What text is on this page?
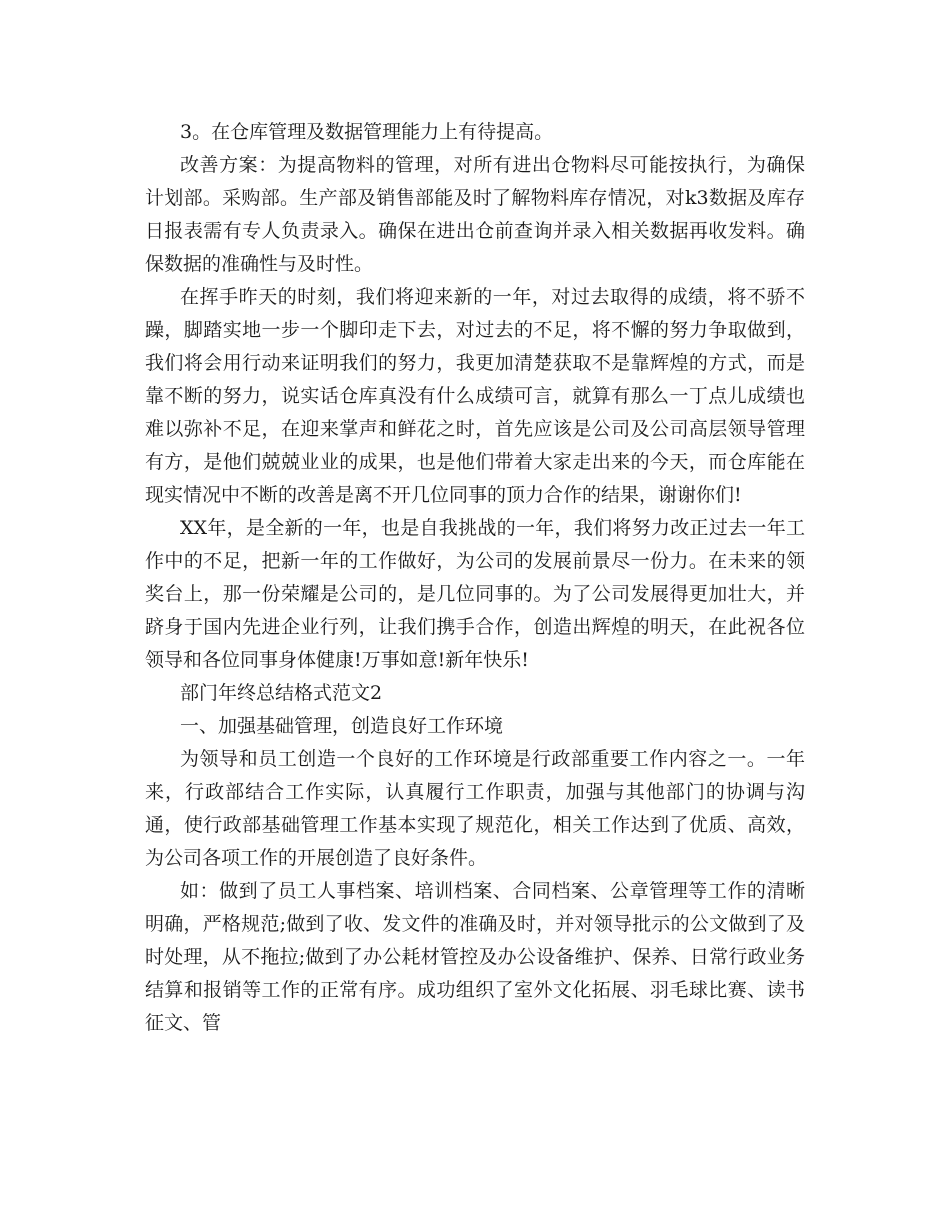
3。在仓库管理及数据管理能力上有待提高。

改善方案：为提高物料的管理，对所有进出仓物料尽可能按执行，为确保计划部。采购部。生产部及销售部能及时了解物料库存情况，对k3数据及库存日报表需有专人负责录入。确保在进出仓前查询并录入相关数据再收发料。确保数据的准确性与及时性。

在挥手昨天的时刻，我们将迎来新的一年，对过去取得的成绩，将不骄不躁，脚踏实地一步一个脚印走下去，对过去的不足，将不懈的努力争取做到，我们将会用行动来证明我们的努力，我更加清楚获取不是靠辉煌的方式，而是靠不断的努力，说实话仓库真没有什么成绩可言，就算有那么一丁点儿成绩也难以弥补不足，在迎来掌声和鲜花之时，首先应该是公司及公司高层领导管理有方，是他们兢兢业业的成果，也是他们带着大家走出来的今天，而仓库能在现实情况中不断的改善是离不开几位同事的顶力合作的结果，谢谢你们!

XX年，是全新的一年，也是自我挑战的一年，我们将努力改正过去一年工作中的不足，把新一年的工作做好，为公司的发展前景尽一份力。在未来的领奖台上，那一份荣耀是公司的，是几位同事的。为了公司发展得更加壮大，并跻身于国内先进企业行列，让我们携手合作，创造出辉煌的明天，在此祝各位领导和各位同事身体健康!万事如意!新年快乐!

部门年终总结格式范文2

一、加强基础管理，创造良好工作环境

为领导和员工创造一个良好的工作环境是行政部重要工作内容之一。一年来，行政部结合工作实际，认真履行工作职责，加强与其他部门的协调与沟通，使行政部基础管理工作基本实现了规范化，相关工作达到了优质、高效，为公司各项工作的开展创造了良好条件。

如：做到了员工人事档案、培训档案、合同档案、公章管理等工作的清晰明确，严格规范;做到了收、发文件的准确及时，并对领导批示的公文做到了及时处理，从不拖拉;做到了办公耗材管控及办公设备维护、保养、日常行政业务结算和报销等工作的正常有序。成功组织了室外文化拓展、羽毛球比赛、读书征文、管
